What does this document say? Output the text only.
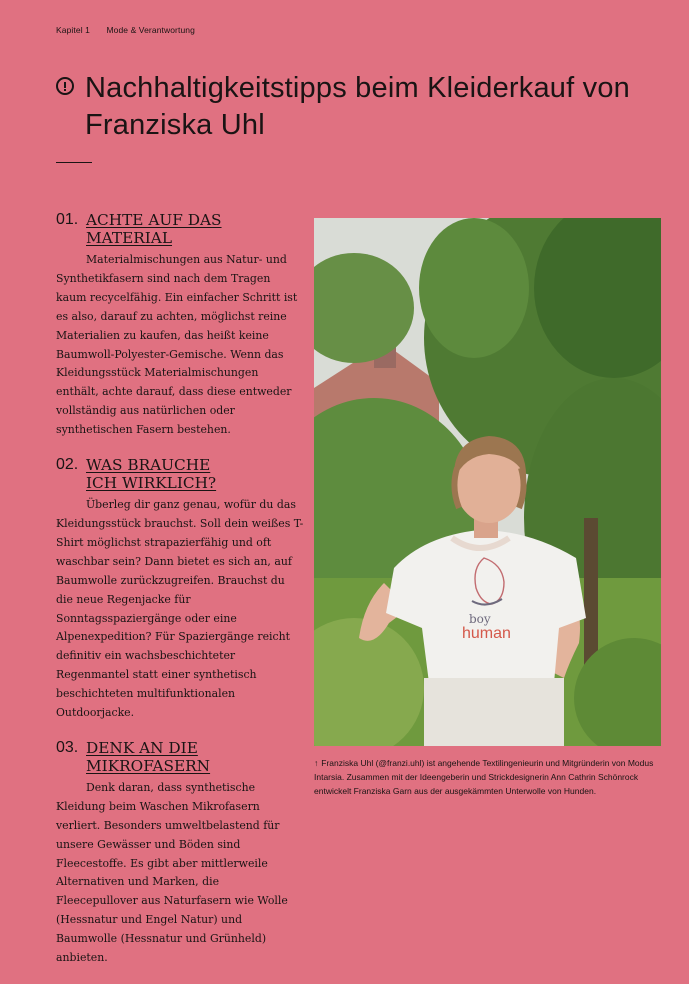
Kapitel 1 Mode & Verantwortung
Nachhaltigkeitstipps beim Kleiderkauf von Franziska Uhl
01. ACHTE AUF DAS MATERIAL
Materialmischungen aus Natur- und Synthetikfasern sind nach dem Tragen kaum recycelfähig. Ein einfacher Schritt ist es also, darauf zu achten, möglichst reine Materialien zu kaufen, das heißt keine Baumwoll-Polyester-Gemische. Wenn das Kleidungsstück Materialmischungen enthält, achte darauf, dass diese entweder vollständig aus natürlichen oder synthetischen Fasern bestehen.
02. WAS BRAUCHE ICH WIRKLICH?
Überleg dir ganz genau, wofür du das Kleidungsstück brauchst. Soll dein weißes T-Shirt möglichst strapazierfähig und oft waschbar sein? Dann bietet es sich an, auf Baumwolle zurückzugreifen. Brauchst du die neue Regenjacke für Sonntagsspaziergänge oder eine Alpenexpedition? Für Spaziergänge reicht definitiv ein wachsbeschichteter Regenmantel statt einer synthetisch beschichteten multifunktionalen Outdoorjacke.
03. DENK AN DIE MIKROFASERN
Denk daran, dass synthetische Kleidung beim Waschen Mikrofasern verliert. Besonders umweltbelastend für unsere Gewässer und Böden sind Fleecestoffe. Es gibt aber mittlerweile Alternativen und Marken, die Fleecepullover aus Naturfasern wie Wolle (Hessnatur und Engel Natur) und Baumwolle (Hessnatur und Grünheld) anbieten.
boy
human
↑ Franziska Uhl (@franzi.uhl) ist angehende Textilingenieurin und Mitgründerin von Modus Intarsia. Zusammen mit der Ideengeberin und Strickdesignerin Ann Cathrin Schönrock entwickelt Franziska Garn aus der ausgekämmten Unterwolle von Hunden.
